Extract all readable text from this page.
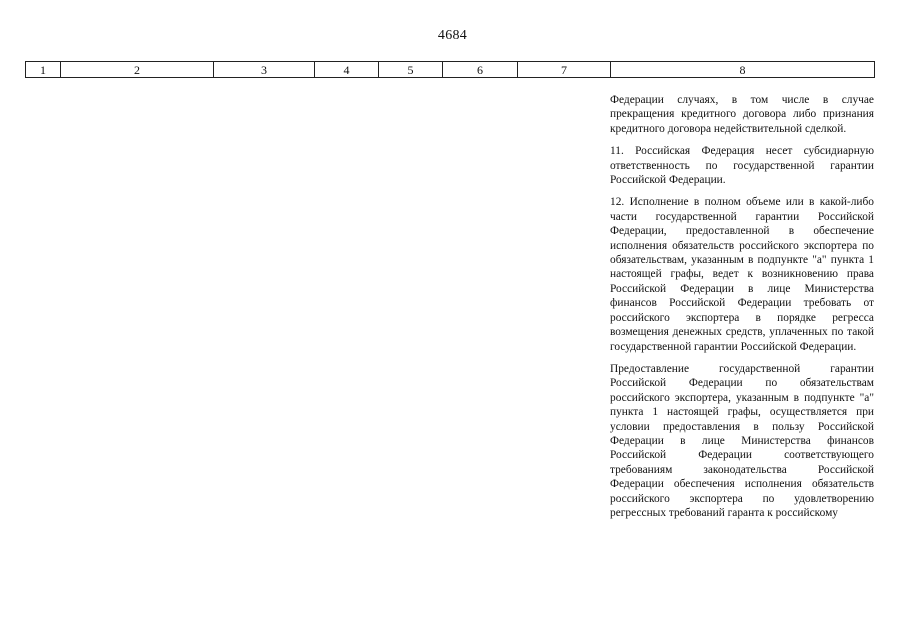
4684
1	2	3	4	5	6	7	8

Федерации случаях, в том числе в случае прекращения кредитного договора либо признания кредитного договора недействительной сделкой.

11. Российская Федерация несет субсидиарную ответственность по государственной гарантии Российской Федерации.

12. Исполнение в полном объеме или в какой-либо части государственной гарантии Российской Федерации, предоставленной в обеспечение исполнения обязательств российского экспортера по обязательствам, указанным в подпункте "а" пункта 1 настоящей графы, ведет к возникновению права Российской Федерации в лице Министерства финансов Российской Федерации требовать от российского экспортера в порядке регресса возмещения денежных средств, уплаченных по такой государственной гарантии Российской Федерации.

Предоставление государственной гарантии Российской Федерации по обязательствам российского экспортера, указанным в подпункте "а" пункта 1 настоящей графы, осуществляется при условии предоставления в пользу Российской Федерации в лице Министерства финансов Российской Федерации соответствующего требованиям законодательства Российской Федерации обеспечения исполнения обязательств российского экспортера по удовлетворению регрессных требований гаранта к российскому
